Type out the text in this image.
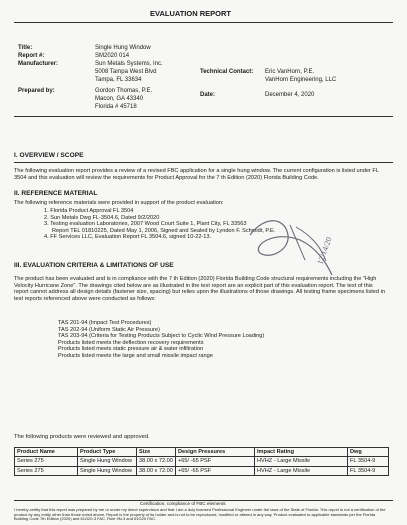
EVALUATION REPORT
Title:	Single Hung Window
Report #:	SM2020 014
Manufacturer:	Sun Metals Systems, Inc.
5008 Tampa West Blvd
Tampa, FL 33634
Technical Contact: Eric VanHorn, P.E.
VanHorn Engineering, LLC
Prepared by:	Gordon Thomas, P.E.
Macon, GA 43340
Florida # 45718
Date:	December 4, 2020
I. OVERVIEW / SCOPE
The following evaluation report provides a review of a revised FBC application for a single hung window. The current configuration is listed under FL 3504 and this evaluation will review the requirements for Product Approval for the 7 th Edition (2020) Florida Building Code.
II. REFERENCE MATERIAL
The following reference materials were provided in support of the product evaluation:
1. Florida Product Approval FL 3504
2. Sun Metals Dwg FL-3504.6, Dated 9/2/2020
3. Testing evaluation Laboratories, 2007 Wood Court Suite 1, Plant City, FL 33563
Report TEL 01810225, Dated May 1, 2006, Signed and Sealed by Lyndon F. Schmidt, P.E.
4. FF Services LLC, Evaluation Report FL 3504.6, signed 10-22-13.	12/14/20
III. EVALUATION CRITERIA & LIMITATIONS OF USE
The product has been evaluated and is in compliance with the 7 th Edition (2020) Florida Building Code structural requirements including the "High Velocity Hurricane Zone". The drawings cited below are as illustrated in the test report are an explicit part of this evaluation report. The text of this report cannot address all design details (fastener size, spacing) but relies upon the illustrations of those drawings. All testing frame specimens listed in test reports referenced above were conducted as follows:
TAS 201-94 (Impact Test Procedures)
TAS 202-94 (Uniform Static Air Pressure)
TAS 203-94 (Criteria for Testing Products Subject to Cyclic Wind Pressure Loading)
Products listed meets the deflection recovery requirements
Products listed meets static pressure air & water infiltration
Products listed meets the large and small missile impact range
The following products were reviewed and approved.
Product Name	Product Type	Size	Design Pressures	Impact Rating	Dwg
Series 275	Single Hung Window	38.00 x 72.00	+65/ -65 PSF	HVHZ - Large Missile	FL 3504-9
Series 275	Single Hung Window	38.00 x 72.00	+65/ -65 PSF	HVHZ - Large Missile	FL 3504-9
Certification, compliance of FBC elements
I hereby certify that this report was prepared by me or under my direct supervision and that I am a duly licensed Professional Engineer under the laws of the State of Florida. This report is not a certification of the product by any entity other than those noted above. Report is the property of its holder and is not to be reproduced, modified or altered in any way. Product evaluated to applicable standards per the Florida Building Code 7th Edition (2020) and 61G20-3 FAC, Rule 9N-3 and 61G20 FAC.
